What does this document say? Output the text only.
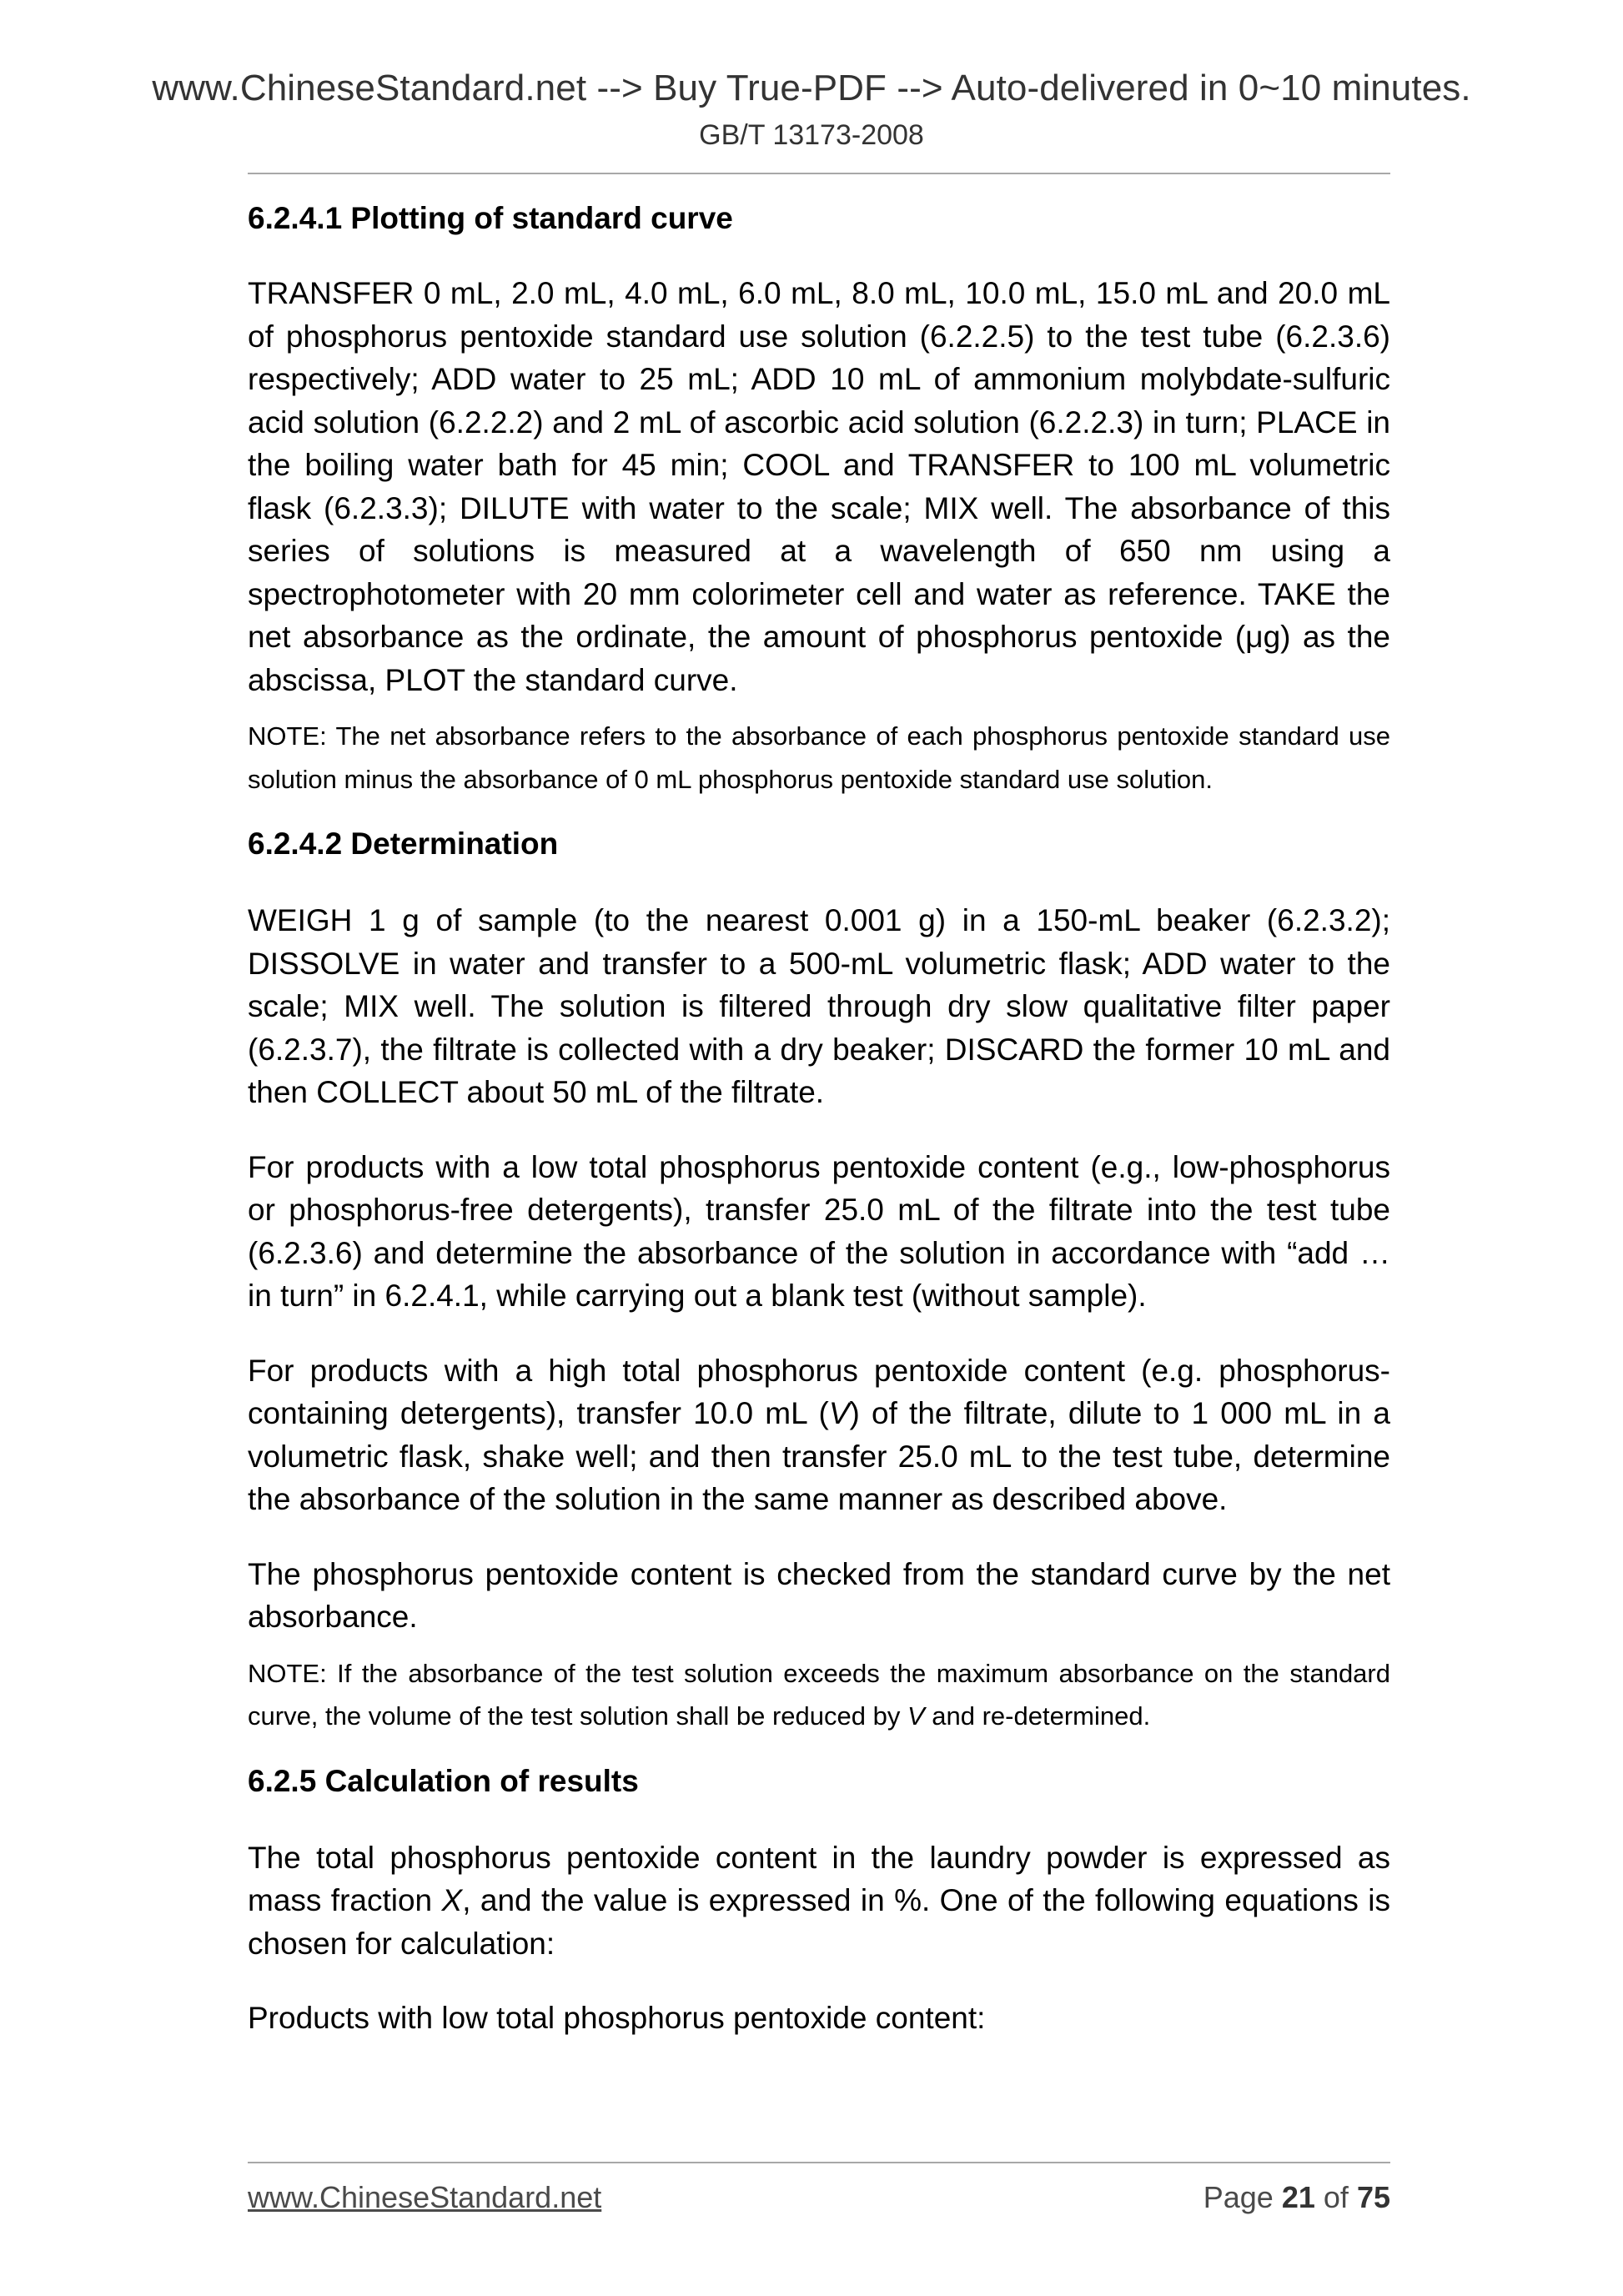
www.ChineseStandard.net --> Buy True-PDF --> Auto-delivered in 0~10 minutes.
GB/T 13173-2008
6.2.4.1 Plotting of standard curve

TRANSFER 0 mL, 2.0 mL, 4.0 mL, 6.0 mL, 8.0 mL, 10.0 mL, 15.0 mL and 20.0 mL of phosphorus pentoxide standard use solution (6.2.2.5) to the test tube (6.2.3.6) respectively; ADD water to 25 mL; ADD 10 mL of ammonium molybdate-sulfuric acid solution (6.2.2.2) and 2 mL of ascorbic acid solution (6.2.2.3) in turn; PLACE in the boiling water bath for 45 min; COOL and TRANSFER to 100 mL volumetric flask (6.2.3.3); DILUTE with water to the scale; MIX well. The absorbance of this series of solutions is measured at a wavelength of 650 nm using a spectrophotometer with 20 mm colorimeter cell and water as reference. TAKE the net absorbance as the ordinate, the amount of phosphorus pentoxide (μg) as the abscissa, PLOT the standard curve.

NOTE: The net absorbance refers to the absorbance of each phosphorus pentoxide standard use solution minus the absorbance of 0 mL phosphorus pentoxide standard use solution.

6.2.4.2 Determination

WEIGH 1 g of sample (to the nearest 0.001 g) in a 150-mL beaker (6.2.3.2); DISSOLVE in water and transfer to a 500-mL volumetric flask; ADD water to the scale; MIX well. The solution is filtered through dry slow qualitative filter paper (6.2.3.7), the filtrate is collected with a dry beaker; DISCARD the former 10 mL and then COLLECT about 50 mL of the filtrate.

For products with a low total phosphorus pentoxide content (e.g., low-phosphorus or phosphorus-free detergents), transfer 25.0 mL of the filtrate into the test tube (6.2.3.6) and determine the absorbance of the solution in accordance with “add … in turn” in 6.2.4.1, while carrying out a blank test (without sample).

For products with a high total phosphorus pentoxide content (e.g. phosphorus-containing detergents), transfer 10.0 mL (V) of the filtrate, dilute to 1 000 mL in a volumetric flask, shake well; and then transfer 25.0 mL to the test tube, determine the absorbance of the solution in the same manner as described above.

The phosphorus pentoxide content is checked from the standard curve by the net absorbance.

NOTE: If the absorbance of the test solution exceeds the maximum absorbance on the standard curve, the volume of the test solution shall be reduced by V and re-determined.

6.2.5 Calculation of results

The total phosphorus pentoxide content in the laundry powder is expressed as mass fraction X, and the value is expressed in %. One of the following equations is chosen for calculation:

Products with low total phosphorus pentoxide content:

www.ChineseStandard.net	Page 21 of 75
